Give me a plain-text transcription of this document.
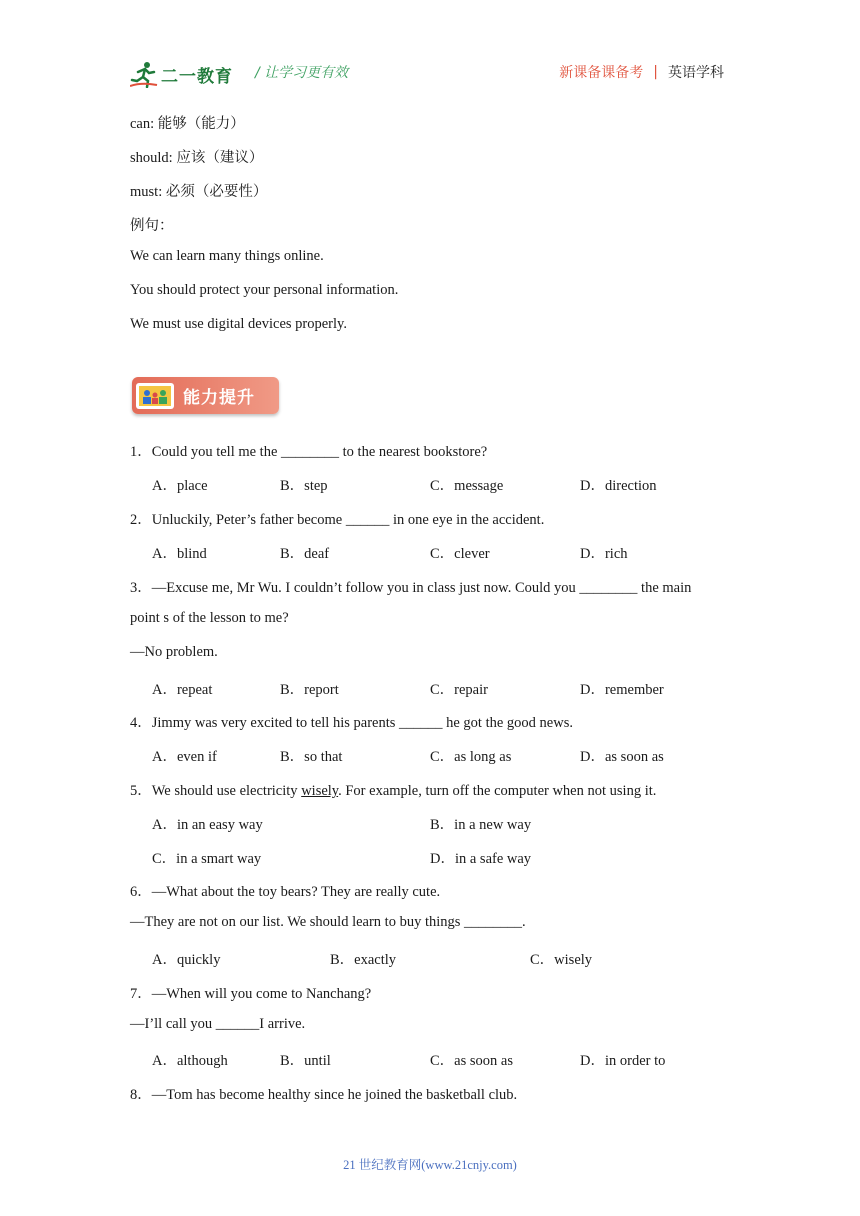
二一教育 / 让学习更有效	新课备课备考 | 英语学科
can: 能够（能力）
should: 应该（建议）
must: 必须（必要性）
例句：
We can learn many things online.
You should protect your personal information.
We must use digital devices properly.
能力提升
1．Could you tell me the ________ to the nearest bookstore?
A．place	B．step	C．message	D．direction
2．Unluckily, Peter’s father become ______ in one eye in the accident.
A．blind	B．deaf	C．clever	D．rich
3．—Excuse me, Mr Wu. I couldn’t follow you in class just now. Could you ________ the main
point s of the lesson to me?
—No problem.
A．repeat	B．report	C．repair	D．remember
4．Jimmy was very excited to tell his parents ______ he got the good news.
A．even if	B．so that	C．as long as	D．as soon as
5．We should use electricity wisely. For example, turn off the computer when not using it.
A．in an easy way	B．in a new way
C．in a smart way	D．in a safe way
6．—What about the toy bears? They are really cute.
—They are not on our list. We should learn to buy things ________.
A．quickly	B．exactly	C．wisely
7．—When will you come to Nanchang?
—I’ll call you ______I arrive.
A．although	B．until	C．as soon as	D．in order to
8．—Tom has become healthy since he joined the basketball club.
21 世纪教育网(www.21cnjy.com)
